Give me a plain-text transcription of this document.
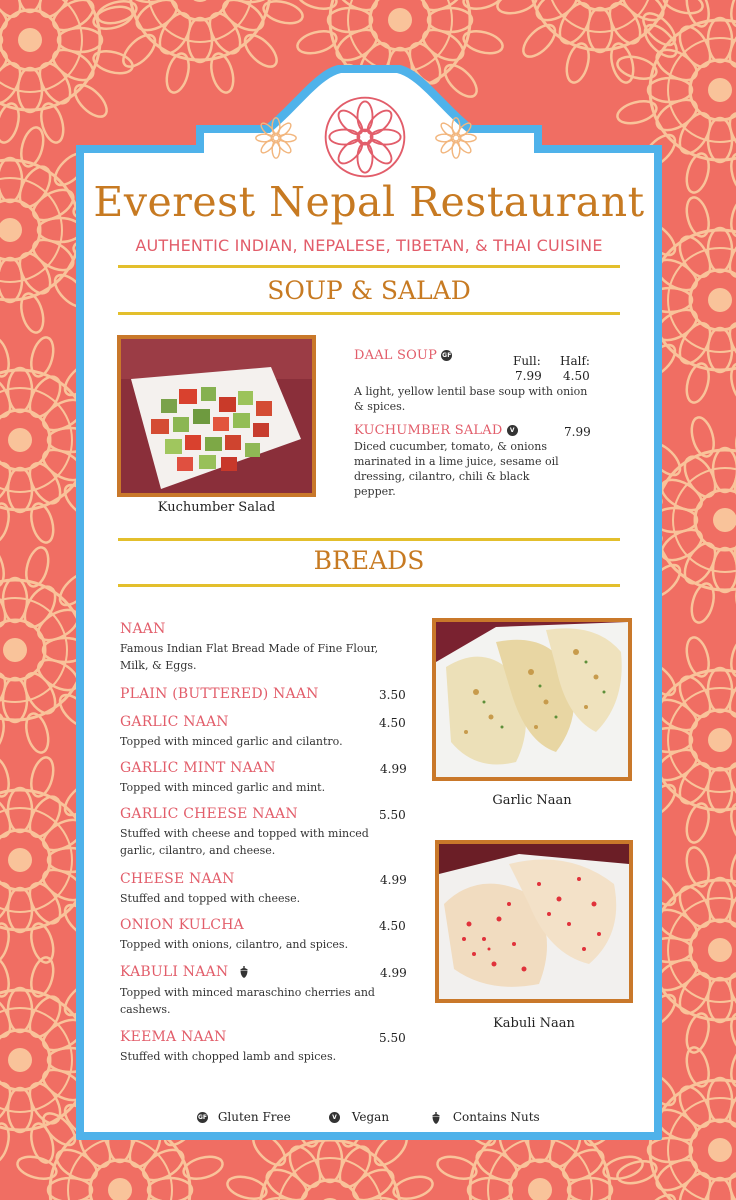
Everest Nepal Restaurant
AUTHENTIC INDIAN, NEPALESE, TIBETAN, & THAI CUISINE
SOUP & SALAD
Kuchumber Salad
DAAL SOUP GF	Full: Half:
7.99 4.50
A light, yellow lentil base soup with onion & spices.
KUCHUMBER SALAD V	7.99
Diced cucumber, tomato, & onions marinated in a lime juice, sesame oil dressing, cilantro, chili & black pepper.
BREADS
NAAN
Famous Indian Flat Bread Made of Fine Flour, Milk, & Eggs.
PLAIN (BUTTERED) NAAN	3.50
GARLIC NAAN	4.50
Topped with minced garlic and cilantro.
GARLIC MINT NAAN	4.99
Topped with minced garlic and mint.
GARLIC CHEESE NAAN	5.50
Stuffed with cheese and topped with minced garlic, cilantro, and cheese.
CHEESE NAAN	4.99
Stuffed and topped with cheese.
ONION KULCHA	4.50
Topped with onions, cilantro, and spices.
KABULI NAAN	4.99
Topped with minced maraschino cherries and cashews.
KEEMA NAAN	5.50
Stuffed with chopped lamb and spices.
Garlic Naan
Kabuli Naan
GF Gluten Free	V Vegan	Contains Nuts
